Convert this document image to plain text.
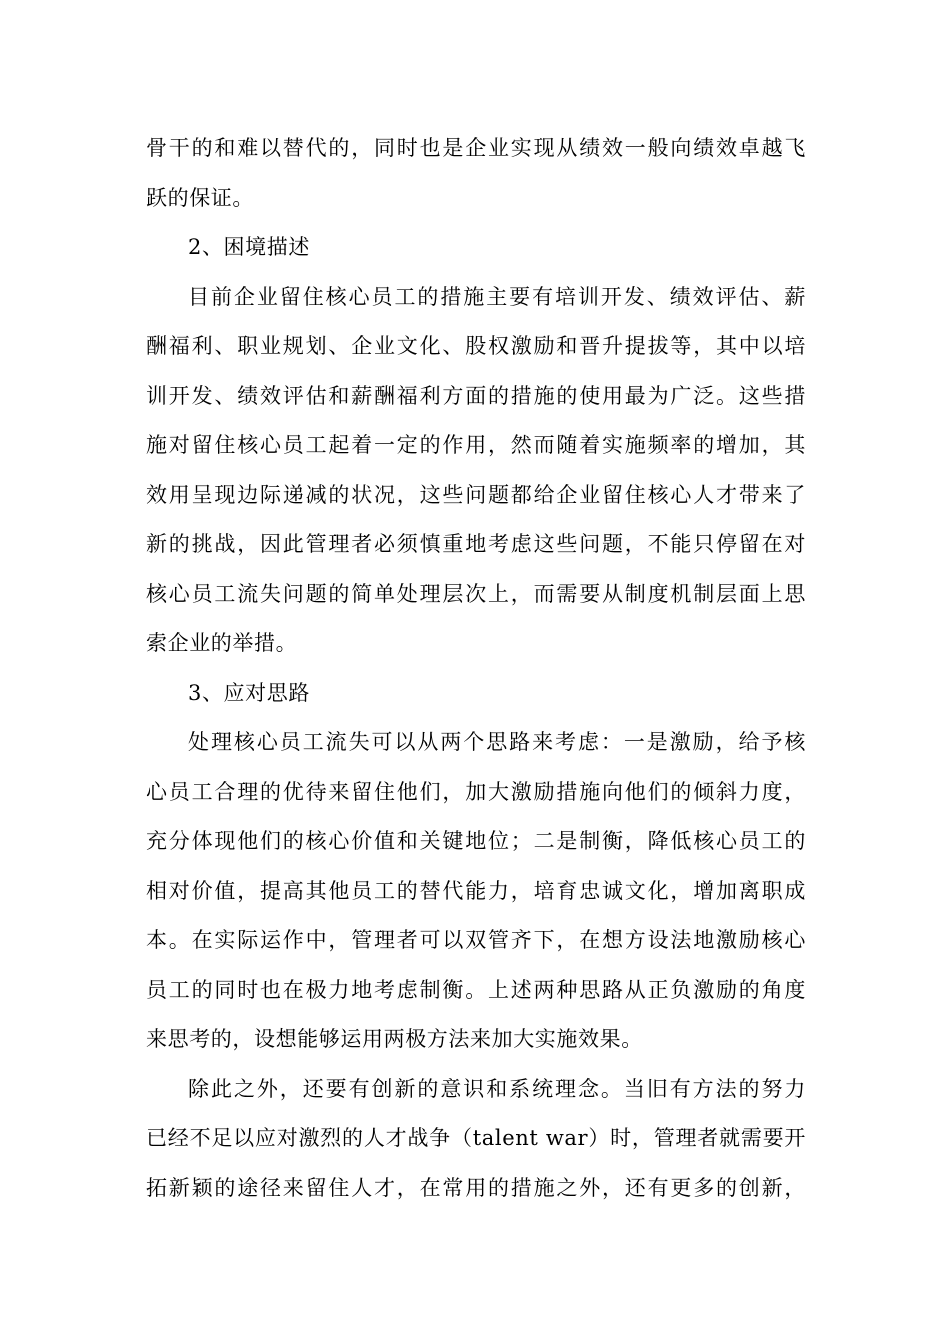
骨干的和难以替代的，同时也是企业实现从绩效一般向绩效卓越飞
跃的保证。
2、困境描述
目前企业留住核心员工的措施主要有培训开发、绩效评估、薪
酬福利、职业规划、企业文化、股权激励和晋升提拔等，其中以培
训开发、绩效评估和薪酬福利方面的措施的使用最为广泛。这些措
施对留住核心员工起着一定的作用，然而随着实施频率的增加，其
效用呈现边际递减的状况，这些问题都给企业留住核心人才带来了
新的挑战，因此管理者必须慎重地考虑这些问题，不能只停留在对
核心员工流失问题的简单处理层次上，而需要从制度机制层面上思
索企业的举措。
3、应对思路
处理核心员工流失可以从两个思路来考虑：一是激励，给予核
心员工合理的优待来留住他们，加大激励措施向他们的倾斜力度，
充分体现他们的核心价值和关键地位；二是制衡，降低核心员工的
相对价值，提高其他员工的替代能力，培育忠诚文化，增加离职成
本。在实际运作中，管理者可以双管齐下，在想方设法地激励核心
员工的同时也在极力地考虑制衡。上述两种思路从正负激励的角度
来思考的，设想能够运用两极方法来加大实施效果。
除此之外，还要有创新的意识和系统理念。当旧有方法的努力
已经不足以应对激烈的人才战争（talent war）时，管理者就需要开
拓新颖的途径来留住人才，在常用的措施之外，还有更多的创新，
